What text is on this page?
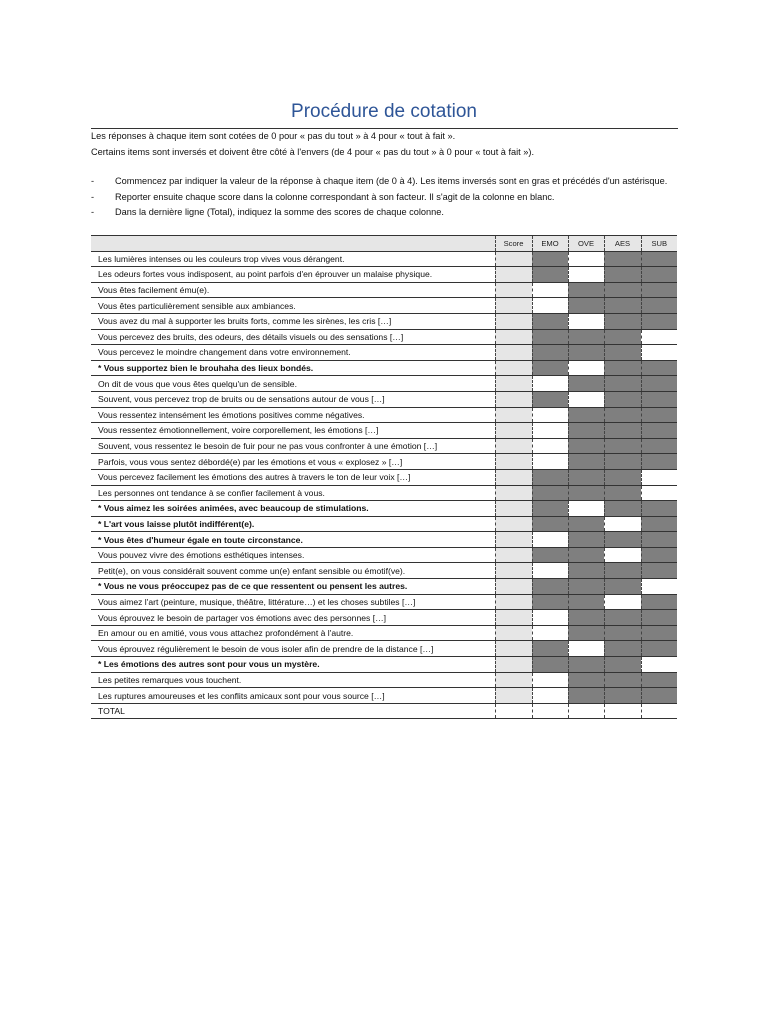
Procédure de cotation
Les réponses à chaque item sont cotées de 0 pour « pas du tout » à 4 pour « tout à fait ».
Certains items sont inversés et doivent être côté à l'envers (de 4 pour « pas du tout » à 0 pour « tout à fait »).
- Commencez par indiquer la valeur de la réponse à chaque item (de 0 à 4). Les items inversés sont en gras et précédés d'un astérisque.
- Reporter ensuite chaque score dans la colonne correspondant à son facteur. Il s'agit de la colonne en blanc.
- Dans la dernière ligne (Total), indiquez la somme des scores de chaque colonne.
	Score	EMO	OVE	AES	SUB
Les lumières intenses ou les couleurs trop vives vous dérangent.					
Les odeurs fortes vous indisposent, au point parfois d'en éprouver un malaise physique.					
Vous êtes facilement ému(e).					
Vous êtes particulièrement sensible aux ambiances.					
Vous avez du mal à supporter les bruits forts, comme les sirènes, les cris […]					
Vous percevez des bruits, des odeurs, des détails visuels ou des sensations […]					
Vous percevez le moindre changement dans votre environnement.					
* Vous supportez bien le brouhaha des lieux bondés.					
On dit de vous que vous êtes quelqu'un de sensible.					
Souvent, vous percevez trop de bruits ou de sensations autour de vous […]					
Vous ressentez intensément les émotions positives comme négatives.					
Vous ressentez émotionnellement, voire corporellement, les émotions […]					
Souvent, vous ressentez le besoin de fuir pour ne pas vous confronter à une émotion […]					
Parfois, vous vous sentez débordé(e) par les émotions et vous « explosez » […]					
Vous percevez facilement les émotions des autres à travers le ton de leur voix […]					
Les personnes ont tendance à se confier facilement à vous.					
* Vous aimez les soirées animées, avec beaucoup de stimulations.					
* L'art vous laisse plutôt indifférent(e).					
* Vous êtes d'humeur égale en toute circonstance.					
Vous pouvez vivre des émotions esthétiques intenses.					
Petit(e), on vous considérait souvent comme un(e) enfant sensible ou émotif(ve).					
* Vous ne vous préoccupez pas de ce que ressentent ou pensent les autres.					
Vous aimez l'art (peinture, musique, théâtre, littérature…) et les choses subtiles […]					
Vous éprouvez le besoin de partager vos émotions avec des personnes […]					
En amour ou en amitié, vous vous attachez profondément à l'autre.					
Vous éprouvez régulièrement le besoin de vous isoler afin de prendre de la distance […]					
* Les émotions des autres sont pour vous un mystère.					
Les petites remarques vous touchent.					
Les ruptures amoureuses et les conflits amicaux sont pour vous source […]					
TOTAL					
